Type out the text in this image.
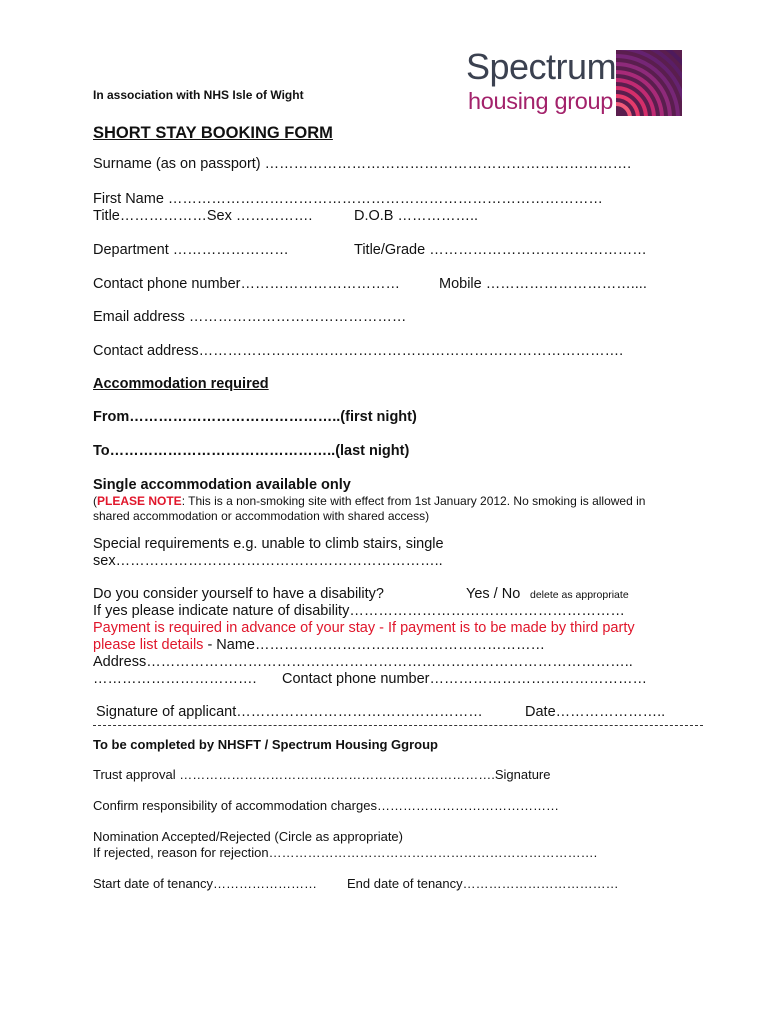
In association with NHS Isle of Wight
Spectrum
housing group
SHORT STAY BOOKING FORM
Surname (as on passport) ………………………………………………………………….
First Name ………………………………………………………………………………
Title………………Sex …………….	D.O.B ……………..
Department ……………………	Title/Grade ………………………………………
Contact phone number……………………………	Mobile …………………………....
Email address ………………………………………
Contact address…………………………………………………………………………….
Accommodation required
From……………………………………..(first night)
To………………………………………..(last night)
Single accommodation available only
(PLEASE NOTE: This is a non-smoking site with effect from 1st January 2012. No smoking is allowed in
shared accommodation or accommodation with shared access)
Special requirements e.g. unable to climb stairs, single
sex…………………………………………………………..
Do you consider yourself to have a disability?	Yes / No delete as appropriate
If yes please indicate nature of disability…………………………………………………
Payment is required in advance of your stay - If payment is to be made by third party
please list details - Name……………………………………………………
Address………………………………………………………………………………………..
……………………………. Contact phone number………………………………………
Signature of applicant……………………………………………	Date…………………..
To be completed by NHSFT / Spectrum Housing Ggroup
Trust approval ……………………………………………………………….Signature
Confirm responsibility of accommodation charges……………………………………
Nomination Accepted/Rejected (Circle as appropriate)
If rejected, reason for rejection………………………………………………………………….
Start date of tenancy…………………… End date of tenancy………………………………
